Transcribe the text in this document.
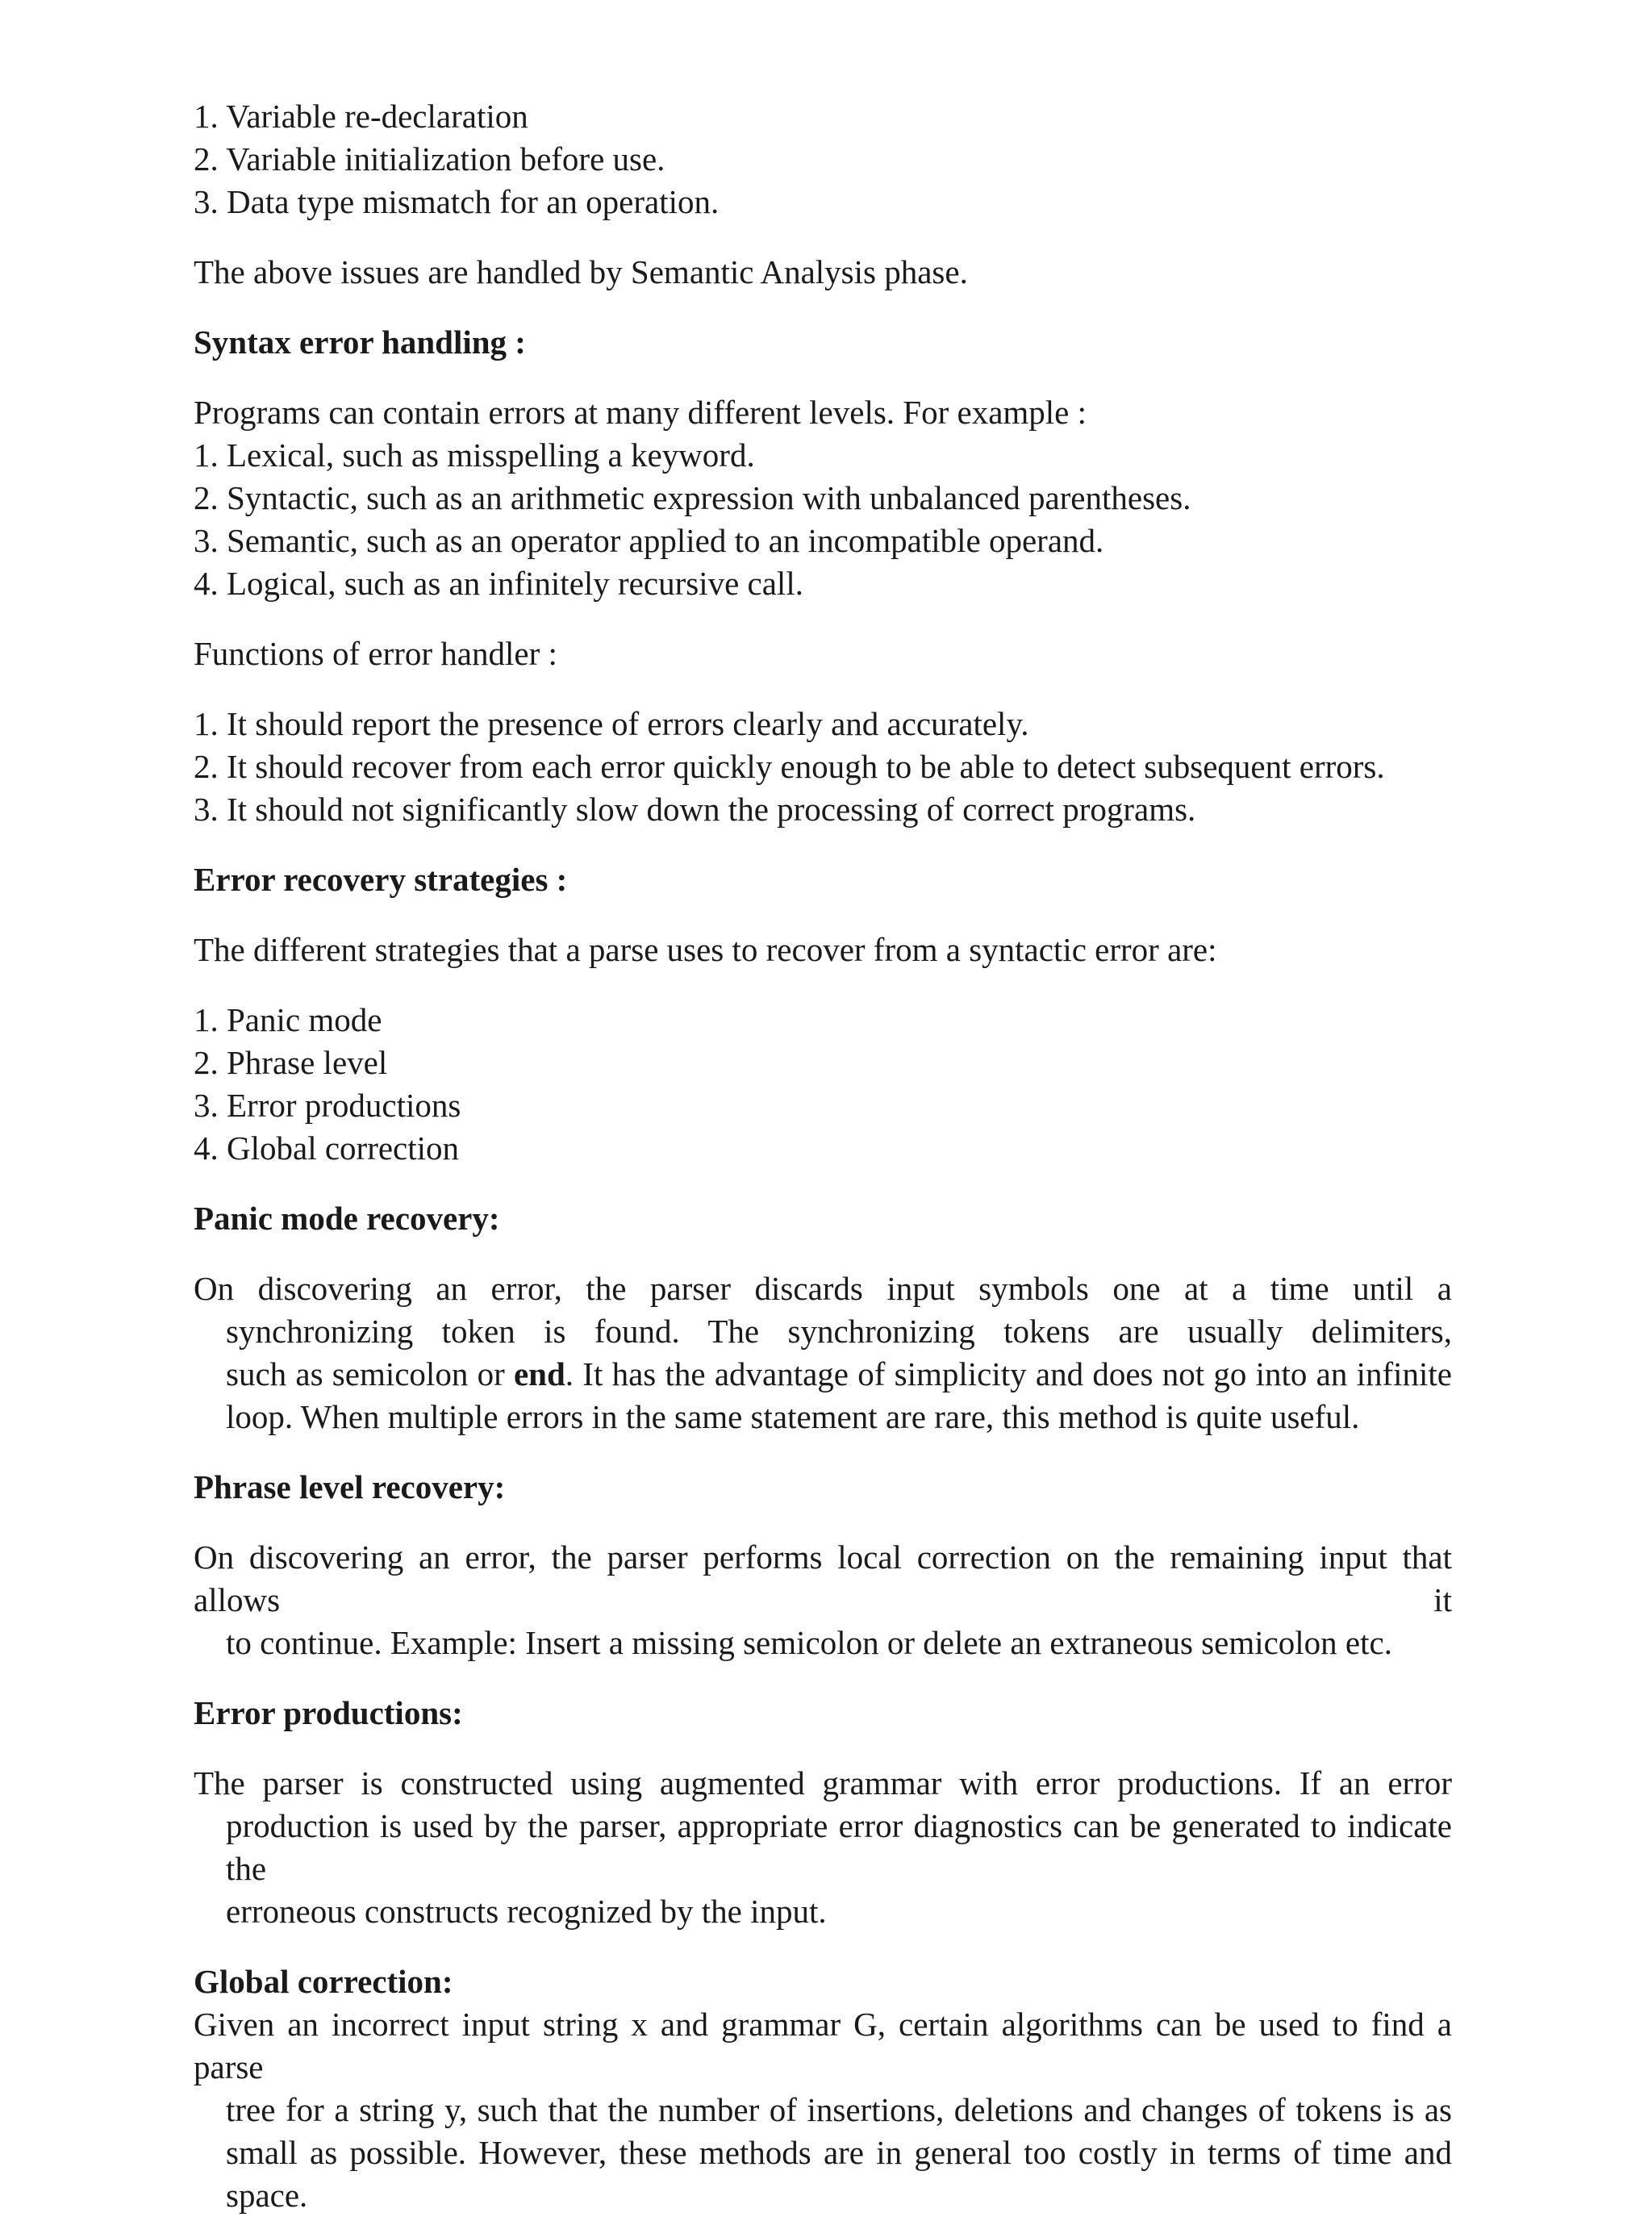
1. Variable re-declaration
2. Variable initialization before use.
3. Data type mismatch for an operation.
The above issues are handled by Semantic Analysis phase.
Syntax error handling :
Programs can contain errors at many different levels. For example :
1. Lexical, such as misspelling a keyword.
2. Syntactic, such as an arithmetic expression with unbalanced parentheses.
3. Semantic, such as an operator applied to an incompatible operand.
4. Logical, such as an infinitely recursive call.
Functions of error handler :
1. It should report the presence of errors clearly and accurately.
2. It should recover from each error quickly enough to be able to detect subsequent errors.
3. It should not significantly slow down the processing of correct programs.
Error recovery strategies :
The different strategies that a parse uses to recover from a syntactic error are:
1. Panic mode
2. Phrase level
3. Error productions
4. Global correction
Panic mode recovery:
On discovering an error, the parser discards input symbols one at a time until a
synchronizing token is found. The synchronizing tokens are usually delimiters,
such as semicolon or end. It has the advantage of simplicity and does not go into an infinite
loop. When multiple errors in the same statement are rare, this method is quite useful.
Phrase level recovery:
On discovering an error, the parser performs local correction on the remaining input that allows it
to continue. Example: Insert a missing semicolon or delete an extraneous semicolon etc.
Error productions:
The parser is constructed using augmented grammar with error productions. If an error
production is used by the parser, appropriate error diagnostics can be generated to indicate the
erroneous constructs recognized by the input.
Global correction:
Given an incorrect input string x and grammar G, certain algorithms can be used to find a parse
tree for a string y, such that the number of insertions, deletions and changes of tokens is as
small as possible. However, these methods are in general too costly in terms of time and space.
